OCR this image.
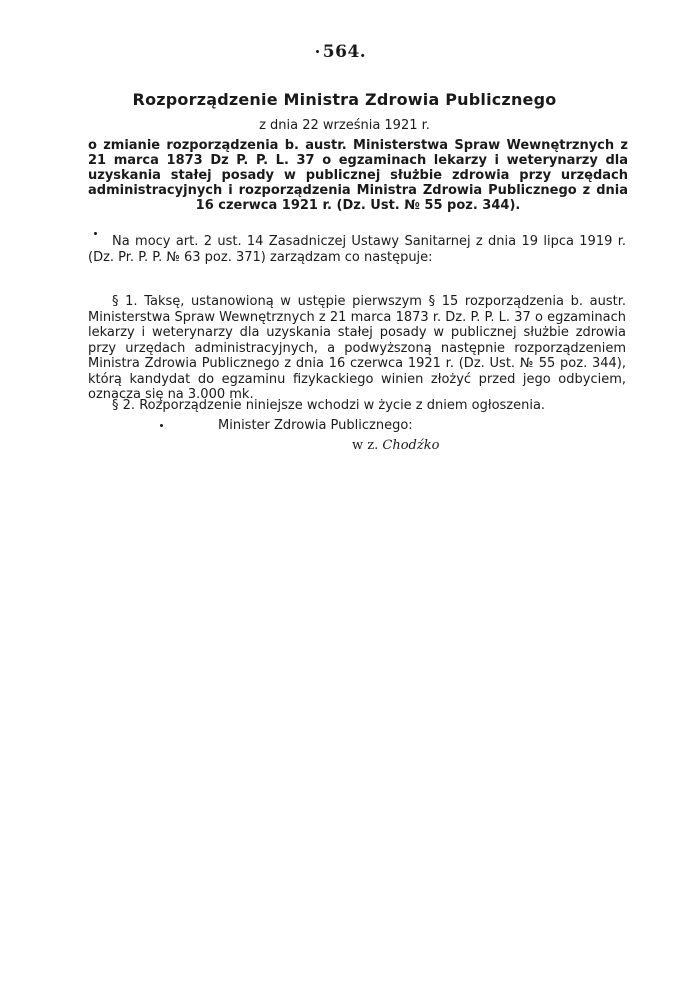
564.
Rozporządzenie Ministra Zdrowia Publicznego
z dnia 22 września 1921 r.
o zmianie rozporządzenia b. austr. Ministerstwa Spraw Wewnętrznych z 21 marca 1873 Dz P. P. L. 37 o egzaminach lekarzy i weterynarzy dla uzyskania stałej posady w publicznej służbie zdrowia przy urzędach administracyjnych i rozporządzenia Ministra Zdrowia Publicznego z dnia 16 czerwca 1921 r. (Dz. Ust. № 55 poz. 344).
Na mocy art. 2 ust. 14 Zasadniczej Ustawy Sanitarnej z dnia 19 lipca 1919 r. (Dz. Pr. P. P. № 63 poz. 371) zarządzam co następuje:
§ 1. Taksę, ustanowioną w ustępie pierwszym § 15 rozporządzenia b. austr. Ministerstwa Spraw Wewnętrznych z 21 marca 1873 r. Dz. P. P. L. 37 o egzaminach lekarzy i weterynarzy dla uzyskania stałej posady w publicznej służbie zdrowia przy urzędach administracyjnych, a podwyższoną następnie rozporządzeniem Ministra Zdrowia Publicznego z dnia 16 czerwca 1921 r. (Dz. Ust. № 55 poz. 344), którą kandydat do egzaminu fizykackiego winien złożyć przed jego odbyciem, oznacza się na 3.000 mk.
§ 2. Rozporządzenie niniejsze wchodzi w życie z dniem ogłoszenia.
Minister Zdrowia Publicznego:
w z. Chodźko
